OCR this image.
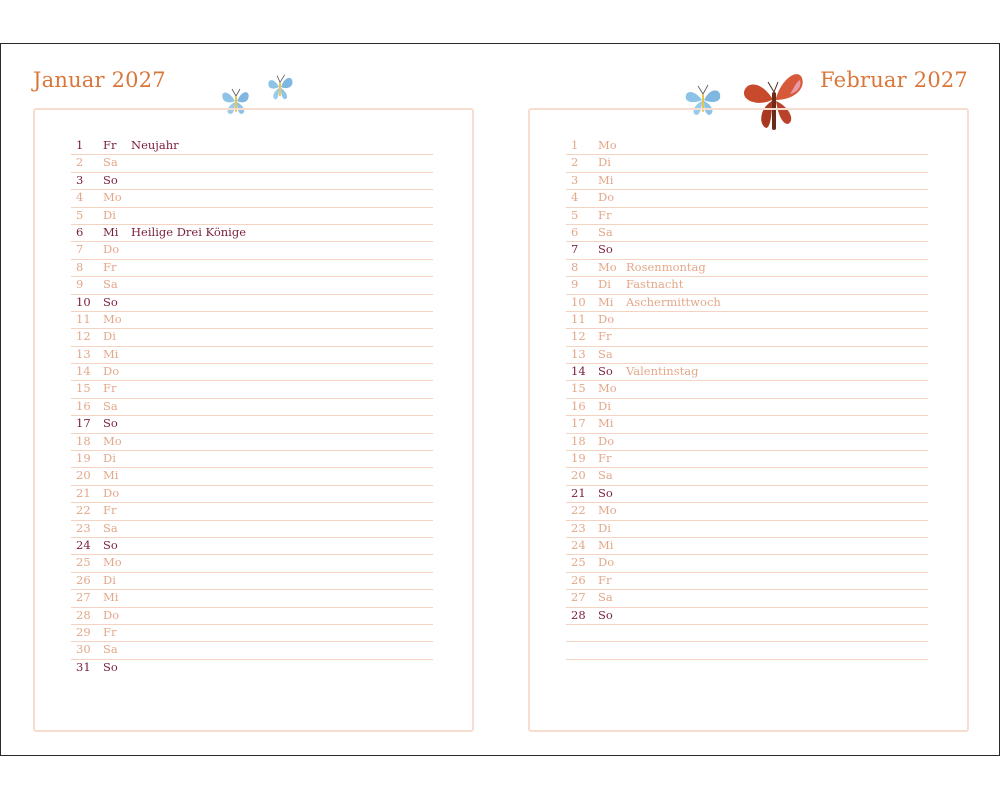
Januar 2027	Februar 2027
1 Fr Neujahr
2 Sa
3 So
4 Mo
5 Di
6 Mi Heilige Drei Könige
7 Do
8 Fr
9 Sa
10 So
11 Mo
12 Di
13 Mi
14 Do
15 Fr
16 Sa
17 So
18 Mo
19 Di
20 Mi
21 Do
22 Fr
23 Sa
24 So
25 Mo
26 Di
27 Mi
28 Do
29 Fr
30 Sa
31 So
1 Mo
2 Di
3 Mi
4 Do
5 Fr
6 Sa
7 So
8 Mo Rosenmontag
9 Di Fastnacht
10 Mi Aschermittwoch
11 Do
12 Fr
13 Sa
14 So Valentinstag
15 Mo
16 Di
17 Mi
18 Do
19 Fr
20 Sa
21 So
22 Mo
23 Di
24 Mi
25 Do
26 Fr
27 Sa
28 So
